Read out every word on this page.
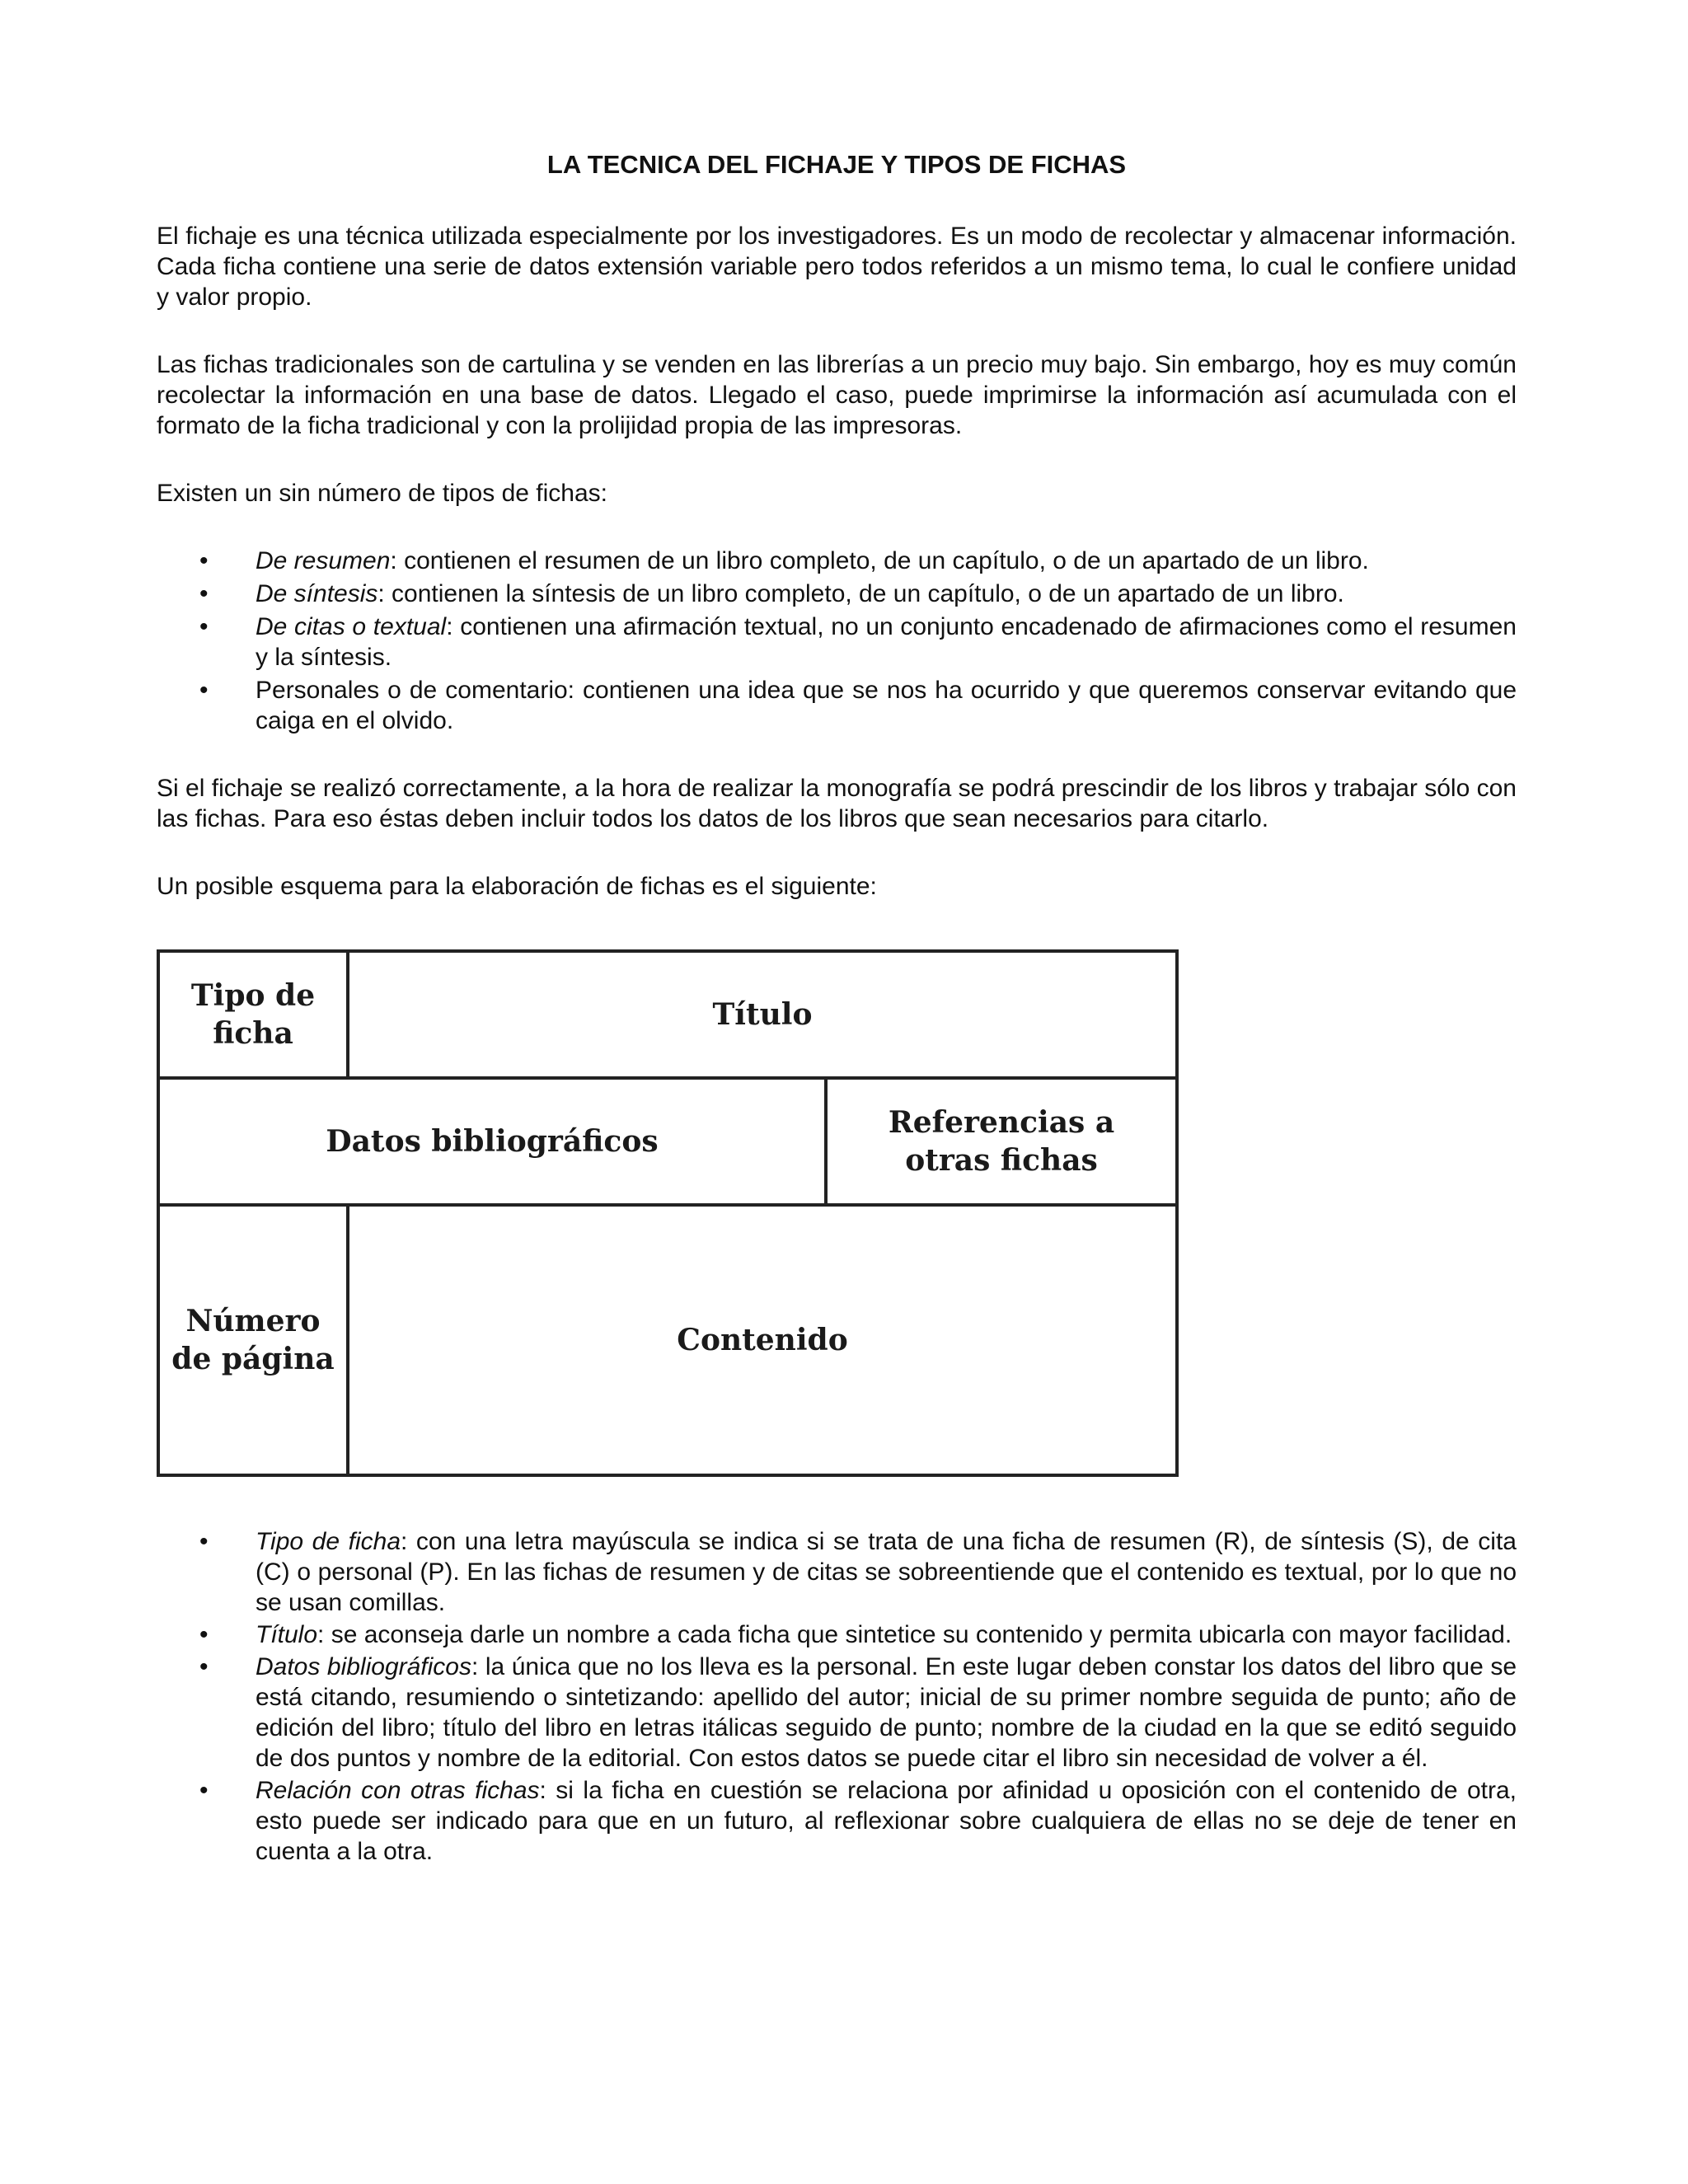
LA TECNICA DEL FICHAJE Y TIPOS DE FICHAS

El fichaje es una técnica utilizada especialmente por los investigadores. Es un modo de recolectar y almacenar información. Cada ficha contiene una serie de datos extensión variable pero todos referidos a un mismo tema, lo cual le confiere unidad y valor propio.

Las fichas tradicionales son de cartulina y se venden en las librerías a un precio muy bajo. Sin embargo, hoy es muy común recolectar la información en una base de datos. Llegado el caso, puede imprimirse la información así acumulada con el formato de la ficha tradicional y con la prolijidad propia de las impresoras.

Existen un sin número de tipos de fichas:

• De resumen: contienen el resumen de un libro completo, de un capítulo, o de un apartado de un libro.
• De síntesis: contienen la síntesis de un libro completo, de un capítulo, o de un apartado de un libro.
• De citas o textual: contienen una afirmación textual, no un conjunto encadenado de afirmaciones como el resumen y la síntesis.
• Personales o de comentario: contienen una idea que se nos ha ocurrido y que queremos conservar evitando que caiga en el olvido.

Si el fichaje se realizó correctamente, a la hora de realizar la monografía se podrá prescindir de los libros y trabajar sólo con las fichas. Para eso éstas deben incluir todos los datos de los libros que sean necesarios para citarlo.

Un posible esquema para la elaboración de fichas es el siguiente:

Tipo de ficha
Título
Datos bibliográficos
Referencias a otras fichas
Número de página
Contenido
• Tipo de ficha: con una letra mayúscula se indica si se trata de una ficha de resumen (R), de síntesis (S), de cita (C) o personal (P). En las fichas de resumen y de citas se sobreentiende que el contenido es textual, por lo que no se usan comillas.
• Título: se aconseja darle un nombre a cada ficha que sintetice su contenido y permita ubicarla con mayor facilidad.
• Datos bibliográficos: la única que no los lleva es la personal. En este lugar deben constar los datos del libro que se está citando, resumiendo o sintetizando: apellido del autor; inicial de su primer nombre seguida de punto; año de edición del libro; título del libro en letras itálicas seguido de punto; nombre de la ciudad en la que se editó seguido de dos puntos y nombre de la editorial. Con estos datos se puede citar el libro sin necesidad de volver a él.
• Relación con otras fichas: si la ficha en cuestión se relaciona por afinidad u oposición con el contenido de otra, esto puede ser indicado para que en un futuro, al reflexionar sobre cualquiera de ellas no se deje de tener en cuenta a la otra.
